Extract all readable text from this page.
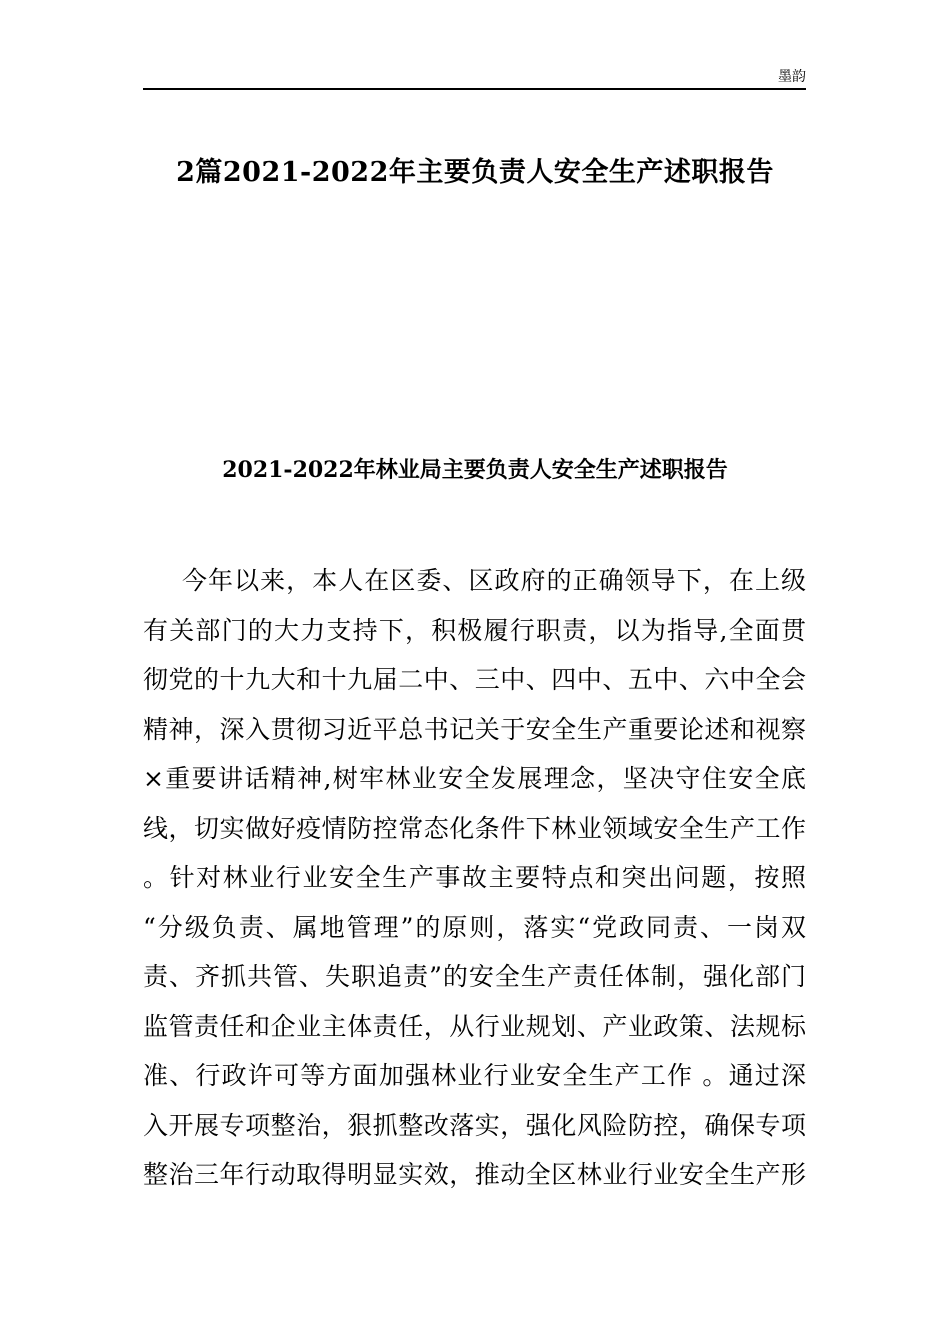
墨韵
2篇2021-2022年主要负责人安全生产述职报告
2021-2022年林业局主要负责人安全生产述职报告
今年以来，本人在区委、区政府的正确领导下，在上级
有关部门的大力支持下，积极履行职责，以为指导,全面贯
彻党的十九大和十九届二中、三中、四中、五中、六中全会
精神，深入贯彻习近平总书记关于安全生产重要论述和视察
×重要讲话精神,树牢林业安全发展理念，坚决守住安全底
线，切实做好疫情防控常态化条件下林业领域安全生产工作
。针对林业行业安全生产事故主要特点和突出问题，按照
“分级负责、属地管理”的原则，落实“党政同责、一岗双
责、齐抓共管、失职追责”的安全生产责任体制，强化部门
监管责任和企业主体责任，从行业规划、产业政策、法规标
准、行政许可等方面加强林业行业安全生产工作 。通过深
入开展专项整治，狠抓整改落实，强化风险防控，确保专项
整治三年行动取得明显实效，推动全区林业行业安全生产形
